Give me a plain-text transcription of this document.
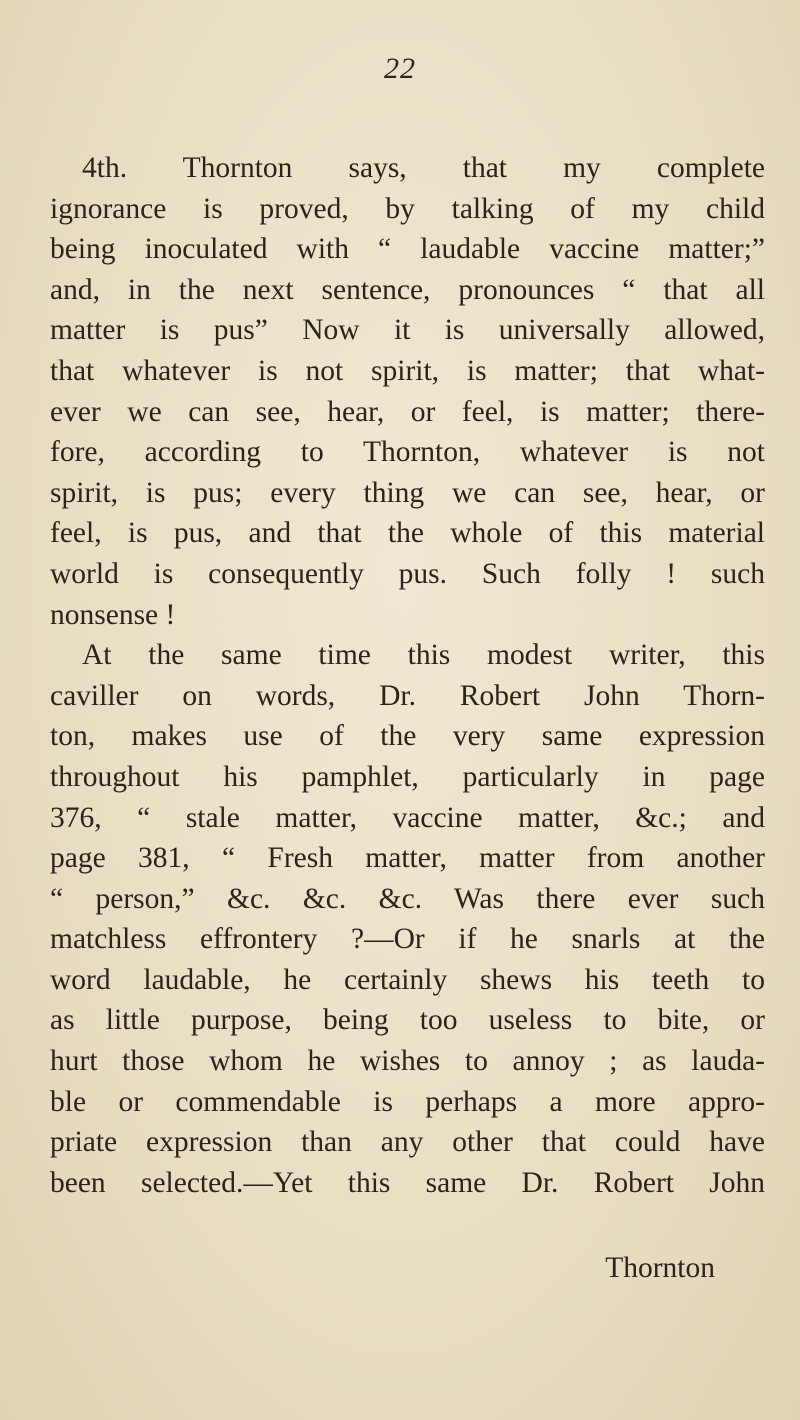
22
4th. Thornton says, that my complete
ignorance is proved, by talking of my child
being inoculated with “ laudable vaccine matter;”
and, in the next sentence, pronounces “ that all
matter is pus” Now it is universally allowed,
that whatever is not spirit, is matter; that what-
ever we can see, hear, or feel, is matter; there-
fore, according to Thornton, whatever is not
spirit, is pus; every thing we can see, hear, or
feel, is pus, and that the whole of this material
world is consequently pus. Such folly ! such
nonsense !
At the same time this modest writer, this
caviller on words, Dr. Robert John Thorn-
ton, makes use of the very same expression
throughout his pamphlet, particularly in page
376, “ stale matter, vaccine matter, &c.; and
page 381, “ Fresh matter, matter from another
“ person,” &c. &c. &c. Was there ever such
matchless effrontery ?—Or if he snarls at the
word laudable, he certainly shews his teeth to
as little purpose, being too useless to bite, or
hurt those whom he wishes to annoy ; as lauda-
ble or commendable is perhaps a more appro-
priate expression than any other that could have
been selected.—Yet this same Dr. Robert John
Thornton
